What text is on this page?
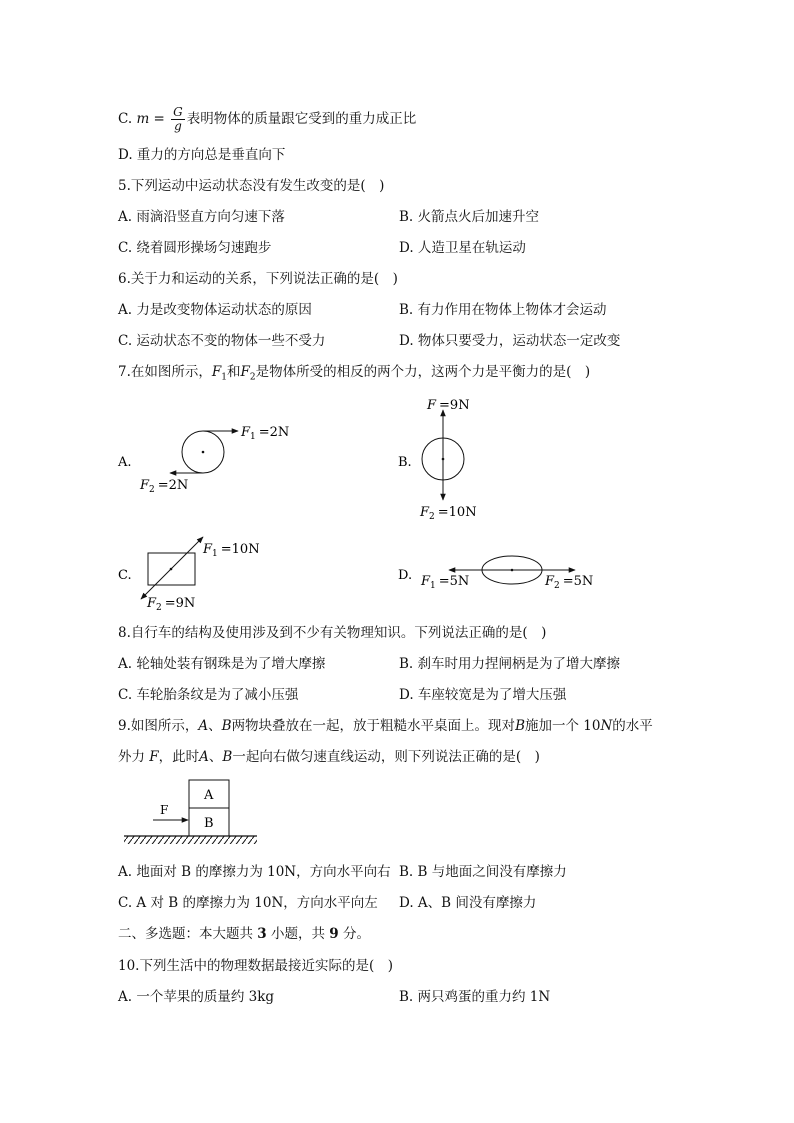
C. $m = \frac{G}{g}$ 表明物体的质量跟它受到的重力成正比
D. 重力的方向总是垂直向下
5.下列运动中运动状态没有发生改变的是(　)
A. 雨滴沿竖直方向匀速下落	B. 火箭点火后加速升空
C. 绕着圆形操场匀速跑步	D. 人造卫星在轨运动
6.关于力和运动的关系，下列说法正确的是(　)
A. 力是改变物体运动状态的原因	B. 有力作用在物体上物体才会运动
C. 运动状态不变的物体一些不受力	D. 物体只要受力，运动状态一定改变
7.在如图所示，$F_1$和$F_2$是物体所受的相反的两个力，这两个力是平衡力的是(　)
A.
$F_1 =2N$
$F_2 =2N$
B.
F =9N
$F_2 =10N$
C.
$F_1 =10N$
$F_2 =9N$
D. $F_1 =5N$	$F_2 =5N$
8.自行车的结构及使用涉及到不少有关物理知识。下列说法正确的是(　)
A. 轮轴处装有钢珠是为了增大摩擦	B. 刹车时用力捏闸柄是为了增大摩擦
C. 车轮胎条纹是为了减小压强	D. 车座较宽是为了增大压强
9.如图所示，A、B两物块叠放在一起，放于粗糙水平桌面上。现对B施加一个 10N的水平
外力 F，此时A、B一起向右做匀速直线运动，则下列说法正确的是(　)
A
B
F
A. 地面对 B 的摩擦力为 10N，方向水平向右 B. B 与地面之间没有摩擦力
C. A 对 B 的摩擦力为 10N，方向水平向左 D. A、B 间没有摩擦力
二、多选题：本大题共 3 小题，共 9 分。
10.下列生活中的物理数据最接近实际的是(　)
A. 一个苹果的质量约 3kg	B. 两只鸡蛋的重力约 1N
